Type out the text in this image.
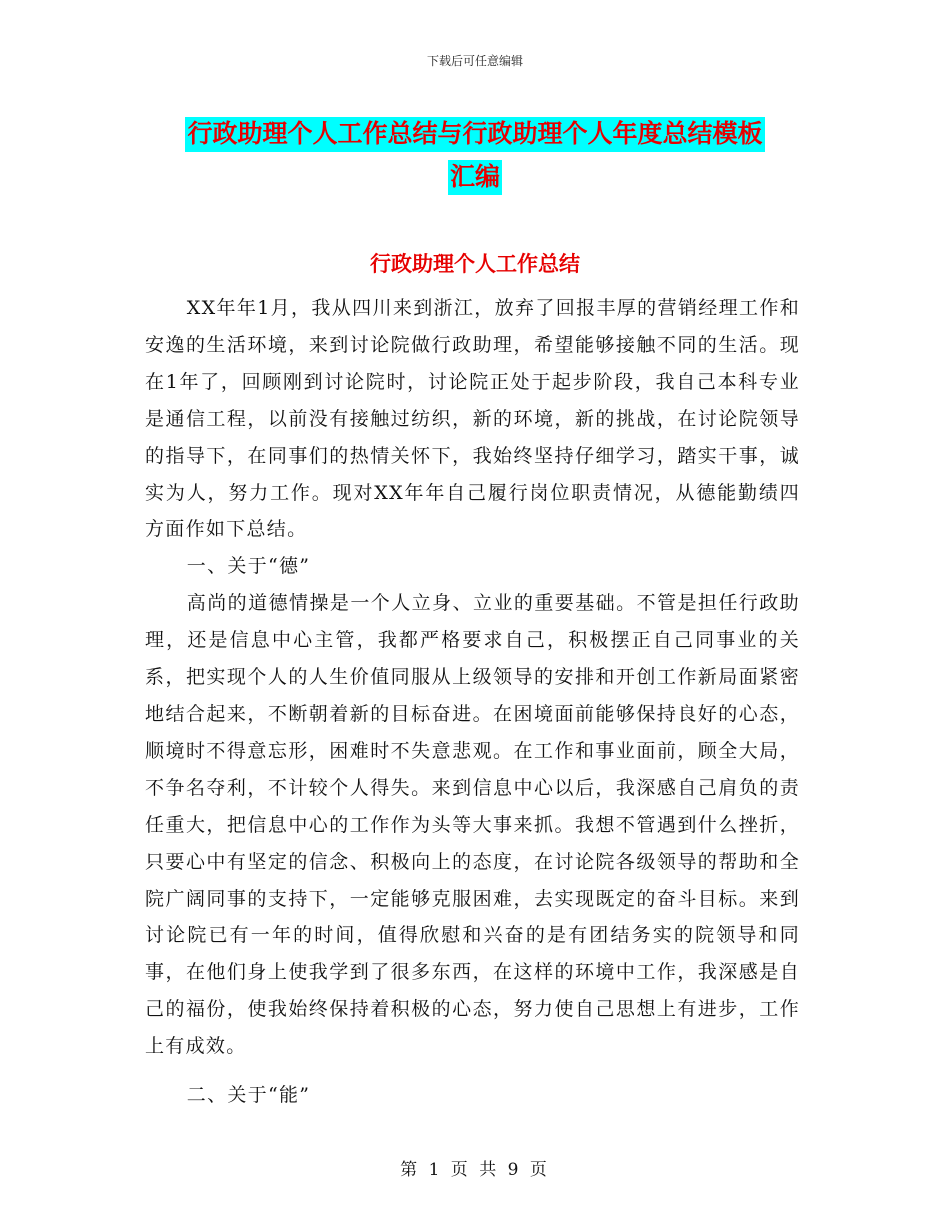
下载后可任意编辑
行政助理个人工作总结与行政助理个人年度总结模板
汇编
行政助理个人工作总结

XX年年1月，我从四川来到浙江，放弃了回报丰厚的营销经理工作和安逸的生活环境，来到讨论院做行政助理，希望能够接触不同的生活。现在1年了，回顾刚到讨论院时，讨论院正处于起步阶段，我自己本科专业是通信工程，以前没有接触过纺织，新的环境，新的挑战，在讨论院领导的指导下，在同事们的热情关怀下，我始终坚持仔细学习，踏实干事，诚实为人，努力工作。现对XX年年自己履行岗位职责情况，从德能勤绩四方面作如下总结。

一、关于“德”

高尚的道德情操是一个人立身、立业的重要基础。不管是担任行政助理，还是信息中心主管，我都严格要求自己，积极摆正自己同事业的关系，把实现个人的人生价值同服从上级领导的安排和开创工作新局面紧密地结合起来，不断朝着新的目标奋进。在困境面前能够保持良好的心态，顺境时不得意忘形，困难时不失意悲观。在工作和事业面前，顾全大局，不争名夺利，不计较个人得失。来到信息中心以后，我深感自己肩负的责任重大，把信息中心的工作作为头等大事来抓。我想不管遇到什么挫折，只要心中有坚定的信念、积极向上的态度，在讨论院各级领导的帮助和全院广阔同事的支持下，一定能够克服困难，去实现既定的奋斗目标。来到讨论院已有一年的时间，值得欣慰和兴奋的是有团结务实的院领导和同事，在他们身上使我学到了很多东西，在这样的环境中工作，我深感是自己的福份，使我始终保持着积极的心态，努力使自己思想上有进步，工作上有成效。

二、关于“能”

第 1 页 共 9 页
